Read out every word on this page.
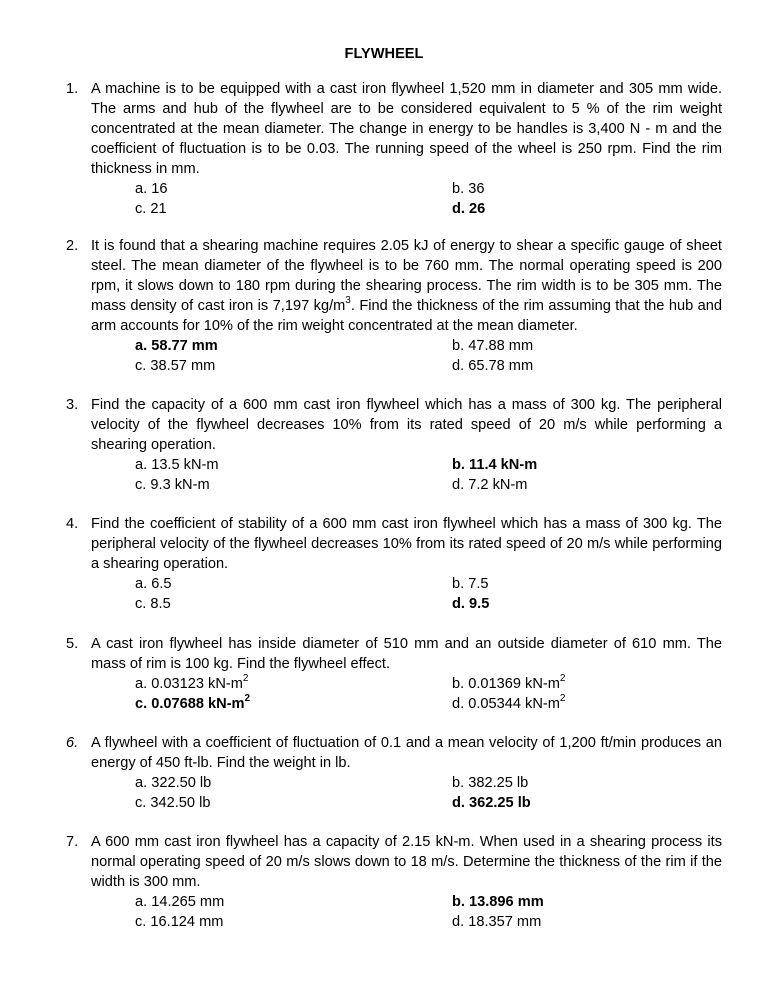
FLYWHEEL
1. A machine is to be equipped with a cast iron flywheel 1,520 mm in diameter and 305 mm wide. The arms and hub of the flywheel are to be considered equivalent to 5 % of the rim weight concentrated at the mean diameter. The change in energy to be handles is 3,400 N - m and the coefficient of fluctuation is to be 0.03. The running speed of the wheel is 250 rpm. Find the rim thickness in mm.
a. 16	b. 36
c. 21	d. 26
2. It is found that a shearing machine requires 2.05 kJ of energy to shear a specific gauge of sheet steel. The mean diameter of the flywheel is to be 760 mm. The normal operating speed is 200 rpm, it slows down to 180 rpm during the shearing process. The rim width is to be 305 mm. The mass density of cast iron is 7,197 $kg/m^3$. Find the thickness of the rim assuming that the hub and arm accounts for 10% of the rim weight concentrated at the mean diameter.
a. 58.77 mm	b. 47.88 mm
c. 38.57 mm	d. 65.78 mm
3. Find the capacity of a 600 mm cast iron flywheel which has a mass of 300 kg. The peripheral velocity of the flywheel decreases 10% from its rated speed of 20 m/s while performing a shearing operation.
a. 13.5 kN-m	b. 11.4 kN-m
c. 9.3 kN-m	d. 7.2 kN-m
4. Find the coefficient of stability of a 600 mm cast iron flywheel which has a mass of 300 kg. The peripheral velocity of the flywheel decreases 10% from its rated speed of 20 m/s while performing a shearing operation.
a. 6.5	b. 7.5
c. 8.5	d. 9.5
5. A cast iron flywheel has inside diameter of 510 mm and an outside diameter of 610 mm. The mass of rim is 100 kg. Find the flywheel effect.
a. 0.03123 $kN-m^2$	b. 0.01369 $kN-m^2$
c. 0.07688 $kN-m^2$	d. 0.05344 $kN-m^2$
6. A flywheel with a coefficient of fluctuation of 0.1 and a mean velocity of 1,200 ft/min produces an energy of 450 ft-lb. Find the weight in lb.
a. 322.50 lb	b. 382.25 lb
c. 342.50 lb	d. 362.25 lb
7. A 600 mm cast iron flywheel has a capacity of 2.15 kN-m. When used in a shearing process its normal operating speed of 20 m/s slows down to 18 m/s. Determine the thickness of the rim if the width is 300 mm.
a. 14.265 mm	b. 13.896 mm
c. 16.124 mm	d. 18.357 mm
